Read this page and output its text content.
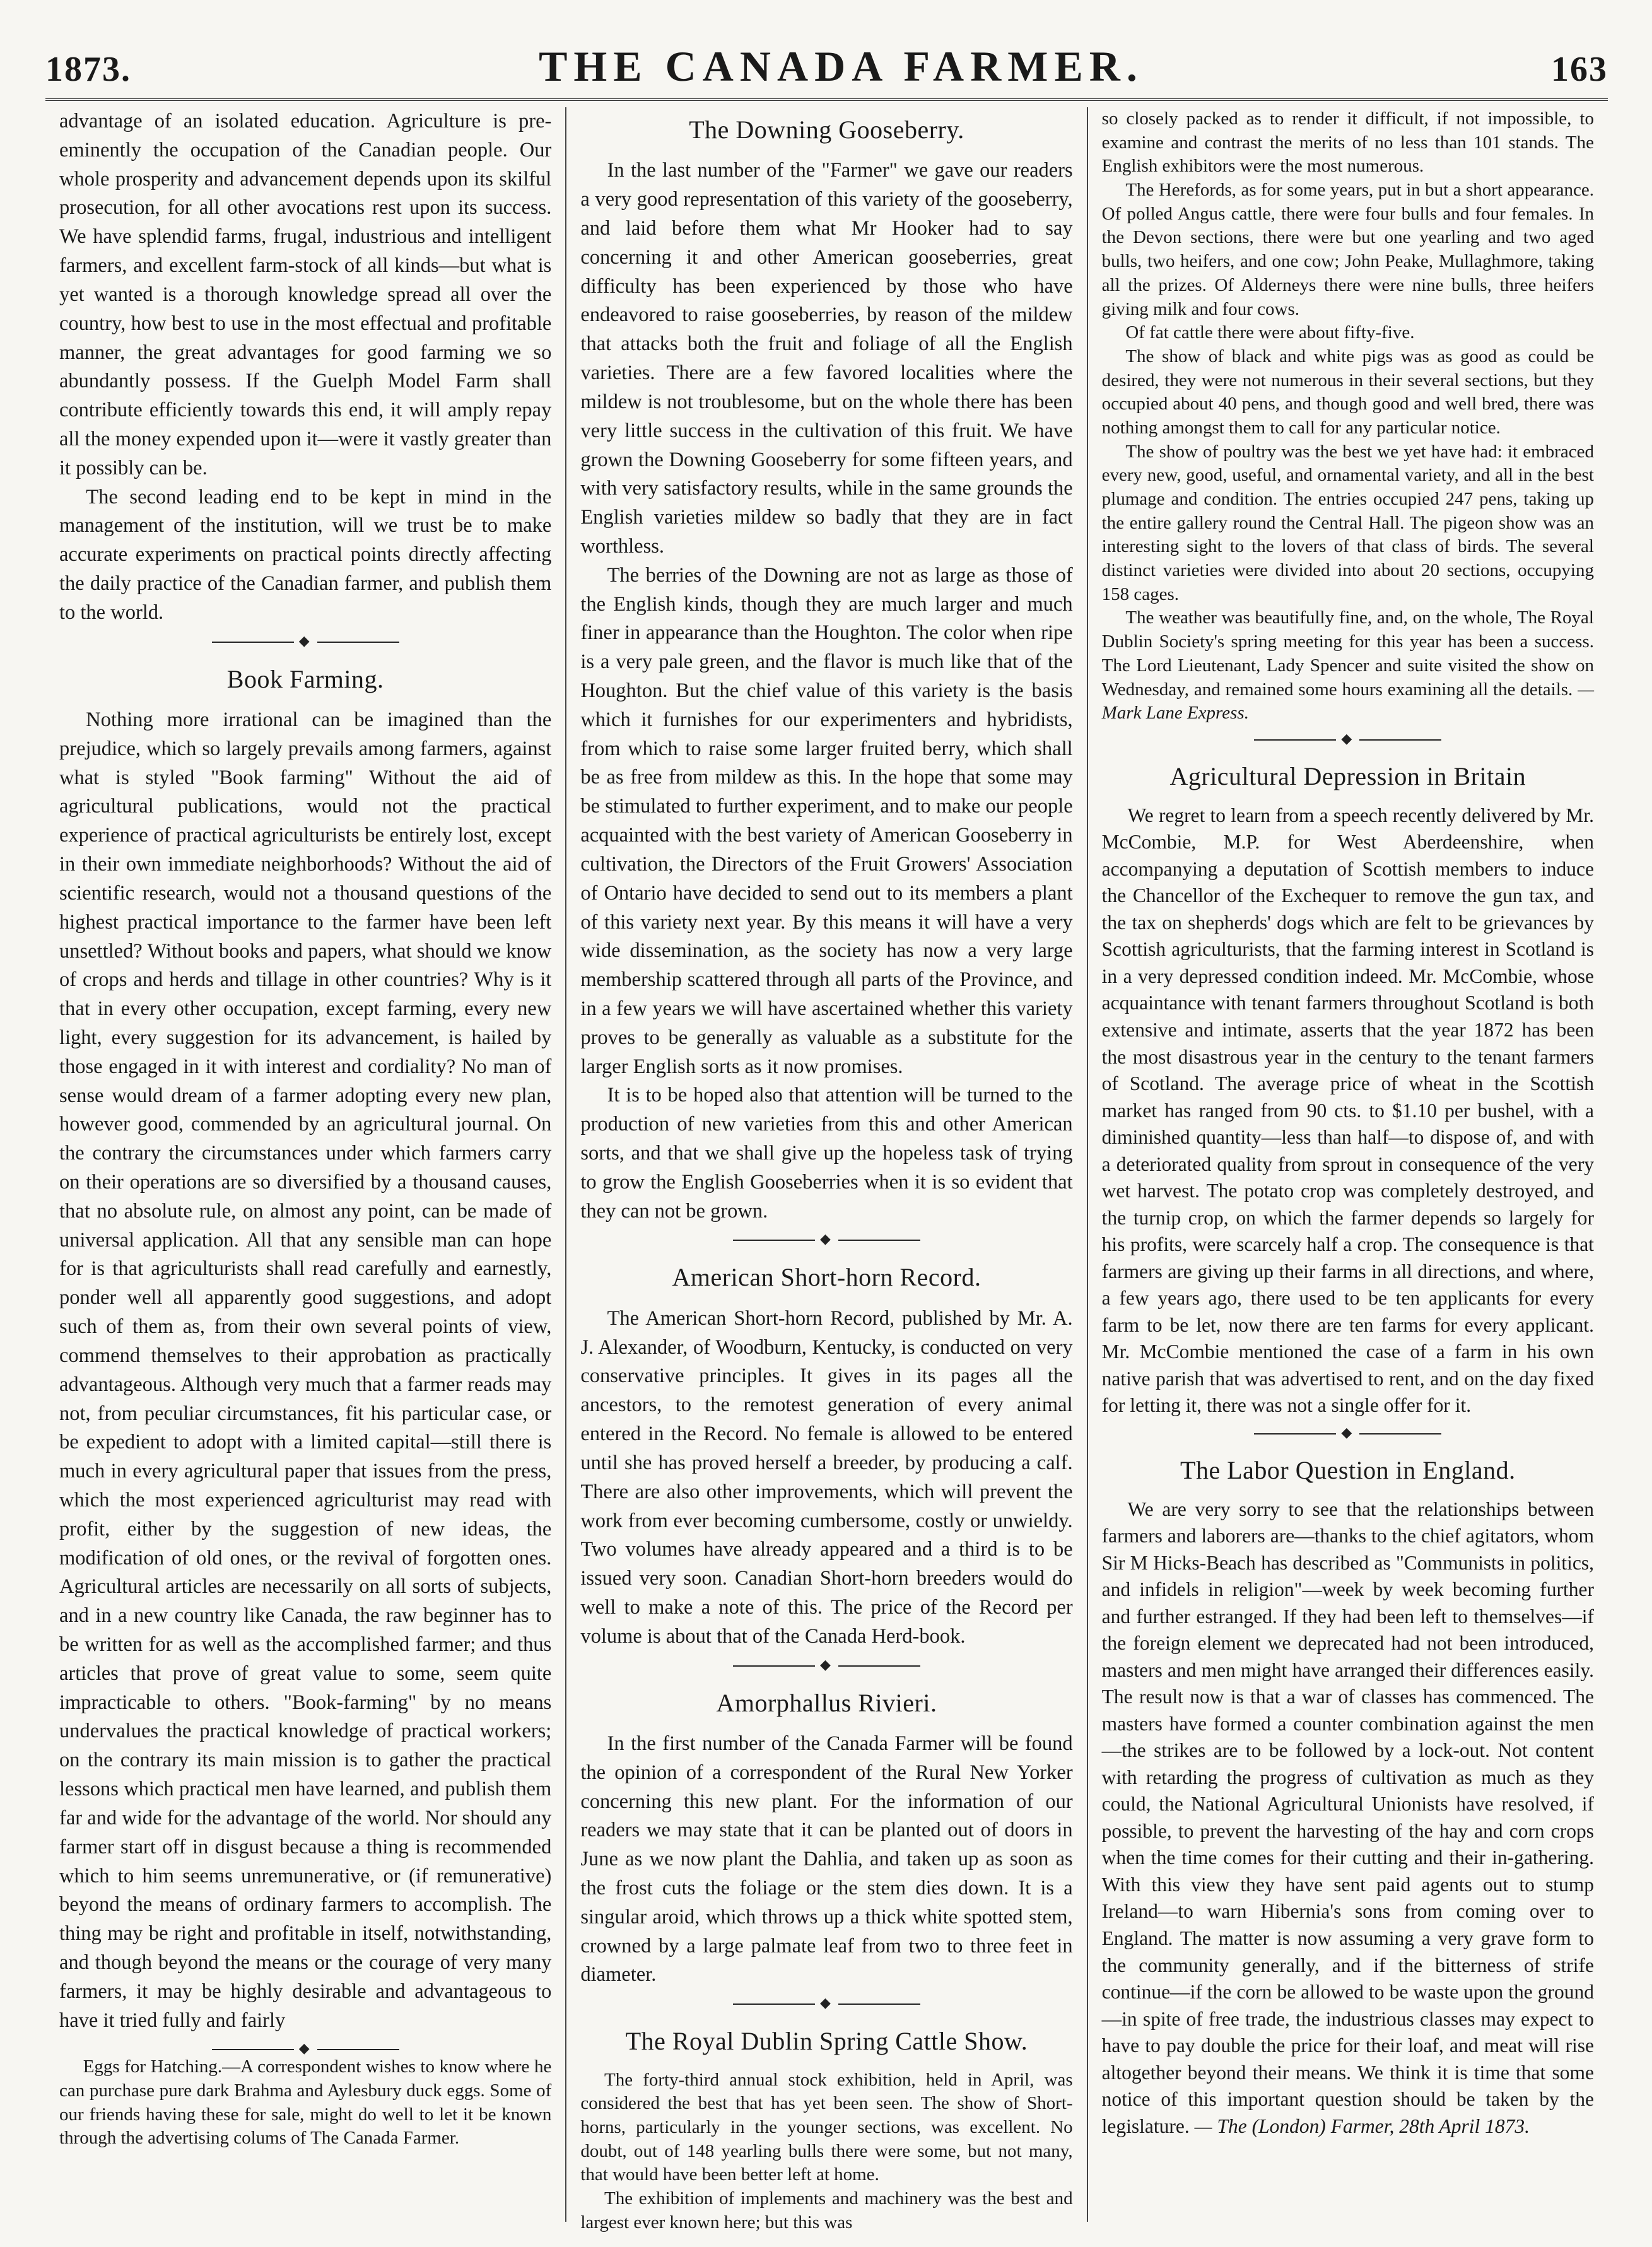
1873.	THE CANADA FARMER.	163

advantage of an isolated education. Agriculture is pre-eminently the occupation of the Canadian people. Our whole prosperity and advancement depends upon its skilful prosecution, for all other avocations rest upon its success. We have splendid farms, frugal, industrious and intelligent farmers, and excellent farm-stock of all kinds—but what is yet wanted is a thorough knowledge spread all over the country, how best to use in the most effectual and profitable manner, the great advantages for good farming we so abundantly possess. If the Guelph Model Farm shall contribute efficiently towards this end, it will amply repay all the money expended upon it—were it vastly greater than it possibly can be.

The second leading end to be kept in mind in the management of the institution, will we trust be to make accurate experiments on practical points directly affecting the daily practice of the Canadian farmer, and publish them to the world.

◆
Book Farming.

Nothing more irrational can be imagined than the prejudice, which so largely prevails among farmers, against what is styled "Book farming" Without the aid of agricultural publications, would not the practical experience of practical agriculturists be entirely lost, except in their own immediate neighborhoods? Without the aid of scientific research, would not a thousand questions of the highest practical importance to the farmer have been left unsettled? Without books and papers, what should we know of crops and herds and tillage in other countries? Why is it that in every other occupation, except farming, every new light, every suggestion for its advancement, is hailed by those engaged in it with interest and cordiality? No man of sense would dream of a farmer adopting every new plan, however good, commended by an agricultural journal. On the contrary the circumstances under which farmers carry on their operations are so diversified by a thousand causes, that no absolute rule, on almost any point, can be made of universal application. All that any sensible man can hope for is that agriculturists shall read carefully and earnestly, ponder well all apparently good suggestions, and adopt such of them as, from their own several points of view, commend themselves to their approbation as practically advantageous. Although very much that a farmer reads may not, from peculiar circumstances, fit his particular case, or be expedient to adopt with a limited capital—still there is much in every agricultural paper that issues from the press, which the most experienced agriculturist may read with profit, either by the suggestion of new ideas, the modification of old ones, or the revival of forgotten ones. Agricultural articles are necessarily on all sorts of subjects, and in a new country like Canada, the raw beginner has to be written for as well as the accomplished farmer; and thus articles that prove of great value to some, seem quite impracticable to others. "Book-farming" by no means undervalues the practical knowledge of practical workers; on the contrary its main mission is to gather the practical lessons which practical men have learned, and publish them far and wide for the advantage of the world. Nor should any farmer start off in disgust because a thing is recommended which to him seems unremunerative, or (if remunerative) beyond the means of ordinary farmers to accomplish. The thing may be right and profitable in itself, notwithstanding, and though beyond the means or the courage of very many farmers, it may be highly desirable and advantageous to have it tried fully and fairly

◆

Eggs for Hatching.—A correspondent wishes to know where he can purchase pure dark Brahma and Aylesbury duck eggs. Some of our friends having these for sale, might do well to let it be known through the advertising colums of The Canada Farmer.

The Downing Gooseberry.

In the last number of the "Farmer" we gave our readers a very good representation of this variety of the gooseberry, and laid before them what Mr Hooker had to say concerning it and other American gooseberries, great difficulty has been experienced by those who have endeavored to raise gooseberries, by reason of the mildew that attacks both the fruit and foliage of all the English varieties. There are a few favored localities where the mildew is not troublesome, but on the whole there has been very little success in the cultivation of this fruit. We have grown the Downing Gooseberry for some fifteen years, and with very satisfactory results, while in the same grounds the English varieties mildew so badly that they are in fact worthless.

The berries of the Downing are not as large as those of the English kinds, though they are much larger and much finer in appearance than the Houghton. The color when ripe is a very pale green, and the flavor is much like that of the Houghton. But the chief value of this variety is the basis which it furnishes for our experimenters and hybridists, from which to raise some larger fruited berry, which shall be as free from mildew as this. In the hope that some may be stimulated to further experiment, and to make our people acquainted with the best variety of American Gooseberry in cultivation, the Directors of the Fruit Growers' Association of Ontario have decided to send out to its members a plant of this variety next year. By this means it will have a very wide dissemination, as the society has now a very large membership scattered through all parts of the Province, and in a few years we will have ascertained whether this variety proves to be generally as valuable as a substitute for the larger English sorts as it now promises.

It is to be hoped also that attention will be turned to the production of new varieties from this and other American sorts, and that we shall give up the hopeless task of trying to grow the English Gooseberries when it is so evident that they can not be grown.

◆
American Short-horn Record.

The American Short-horn Record, published by Mr. A. J. Alexander, of Woodburn, Kentucky, is conducted on very conservative principles. It gives in its pages all the ancestors, to the remotest generation of every animal entered in the Record. No female is allowed to be entered until she has proved herself a breeder, by producing a calf. There are also other improvements, which will prevent the work from ever becoming cumbersome, costly or unwieldy. Two volumes have already appeared and a third is to be issued very soon. Canadian Short-horn breeders would do well to make a note of this. The price of the Record per volume is about that of the Canada Herd-book.

◆
Amorphallus Rivieri.

In the first number of the Canada Farmer will be found the opinion of a correspondent of the Rural New Yorker concerning this new plant. For the information of our readers we may state that it can be planted out of doors in June as we now plant the Dahlia, and taken up as soon as the frost cuts the foliage or the stem dies down. It is a singular aroid, which throws up a thick white spotted stem, crowned by a large palmate leaf from two to three feet in diameter.

◆
The Royal Dublin Spring Cattle Show.

The forty-third annual stock exhibition, held in April, was considered the best that has yet been seen. The show of Short-horns, particularly in the younger sections, was excellent. No doubt, out of 148 yearling bulls there were some, but not many, that would have been better left at home.

The exhibition of implements and machinery was the best and largest ever known here; but this was

so closely packed as to render it difficult, if not impossible, to examine and contrast the merits of no less than 101 stands. The English exhibitors were the most numerous.

The Herefords, as for some years, put in but a short appearance. Of polled Angus cattle, there were four bulls and four females. In the Devon sections, there were but one yearling and two aged bulls, two heifers, and one cow; John Peake, Mullaghmore, taking all the prizes. Of Alderneys there were nine bulls, three heifers giving milk and four cows.

Of fat cattle there were about fifty-five.

The show of black and white pigs was as good as could be desired, they were not numerous in their several sections, but they occupied about 40 pens, and though good and well bred, there was nothing amongst them to call for any particular notice.

The show of poultry was the best we yet have had: it embraced every new, good, useful, and ornamental variety, and all in the best plumage and condition. The entries occupied 247 pens, taking up the entire gallery round the Central Hall. The pigeon show was an interesting sight to the lovers of that class of birds. The several distinct varieties were divided into about 20 sections, occupying 158 cages.

The weather was beautifully fine, and, on the whole, The Royal Dublin Society's spring meeting for this year has been a success. The Lord Lieutenant, Lady Spencer and suite visited the show on Wednesday, and remained some hours examining all the details. — Mark Lane Express.

◆
Agricultural Depression in Britain

We regret to learn from a speech recently delivered by Mr. McCombie, M.P. for West Aberdeenshire, when accompanying a deputation of Scottish members to induce the Chancellor of the Exchequer to remove the gun tax, and the tax on shepherds' dogs which are felt to be grievances by Scottish agriculturists, that the farming interest in Scotland is in a very depressed condition indeed. Mr. McCombie, whose acquaintance with tenant farmers throughout Scotland is both extensive and intimate, asserts that the year 1872 has been the most disastrous year in the century to the tenant farmers of Scotland. The average price of wheat in the Scottish market has ranged from 90 cts. to $1.10 per bushel, with a diminished quantity—less than half—to dispose of, and with a deteriorated quality from sprout in consequence of the very wet harvest. The potato crop was completely destroyed, and the turnip crop, on which the farmer depends so largely for his profits, were scarcely half a crop. The consequence is that farmers are giving up their farms in all directions, and where, a few years ago, there used to be ten applicants for every farm to be let, now there are ten farms for every applicant. Mr. McCombie mentioned the case of a farm in his own native parish that was advertised to rent, and on the day fixed for letting it, there was not a single offer for it.

◆
The Labor Question in England.

We are very sorry to see that the relationships between farmers and laborers are—thanks to the chief agitators, whom Sir M Hicks-Beach has described as "Communists in politics, and infidels in religion"—week by week becoming further and further estranged. If they had been left to themselves—if the foreign element we deprecated had not been introduced, masters and men might have arranged their differences easily. The result now is that a war of classes has commenced. The masters have formed a counter combination against the men—the strikes are to be followed by a lock-out. Not content with retarding the progress of cultivation as much as they could, the National Agricultural Unionists have resolved, if possible, to prevent the harvesting of the hay and corn crops when the time comes for their cutting and their in-gathering. With this view they have sent paid agents out to stump Ireland—to warn Hibernia's sons from coming over to England. The matter is now assuming a very grave form to the community generally, and if the bitterness of strife continue—if the corn be allowed to be waste upon the ground—in spite of free trade, the industrious classes may expect to have to pay double the price for their loaf, and meat will rise altogether beyond their means. We think it is time that some notice of this important question should be taken by the legislature. — The (London) Farmer, 28th April 1873.
